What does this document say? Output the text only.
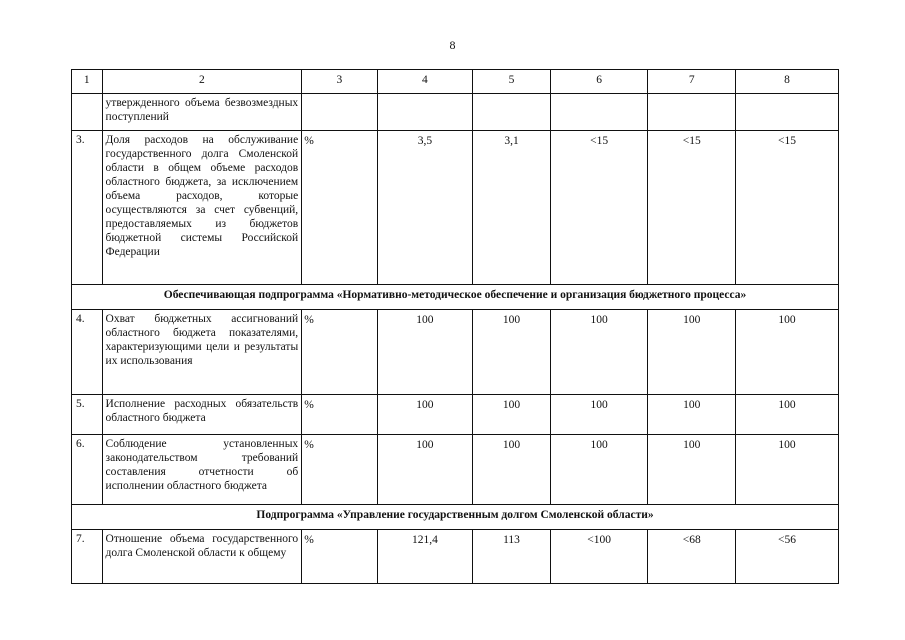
8
1	2	3	4	5	6	7	8
	утвержденного объема безвозмездных поступлений						
3.	Доля расходов на обслуживание государственного долга Смоленской области в общем объеме расходов областного бюджета, за исключением объема расходов, которые осуществляются за счет субвенций, предоставляемых из бюджетов бюджетной системы Российской Федерации	%	3,5	3,1	<15	<15	<15
Обеспечивающая подпрограмма «Нормативно-методическое обеспечение и организация бюджетного процесса»							
4.	Охват бюджетных ассигнований областного бюджета показателями, характеризующими цели и результаты их использования	%	100	100	100	100	100
5.	Исполнение расходных обязательств областного бюджета	%	100	100	100	100	100
6.	Соблюдение установленных законодательством требований составления отчетности об исполнении областного бюджета	%	100	100	100	100	100
Подпрограмма «Управление государственным долгом Смоленской области»							
7.	Отношение объема государственного долга Смоленской области к общему	%	121,4	113	<100	<68	<56
